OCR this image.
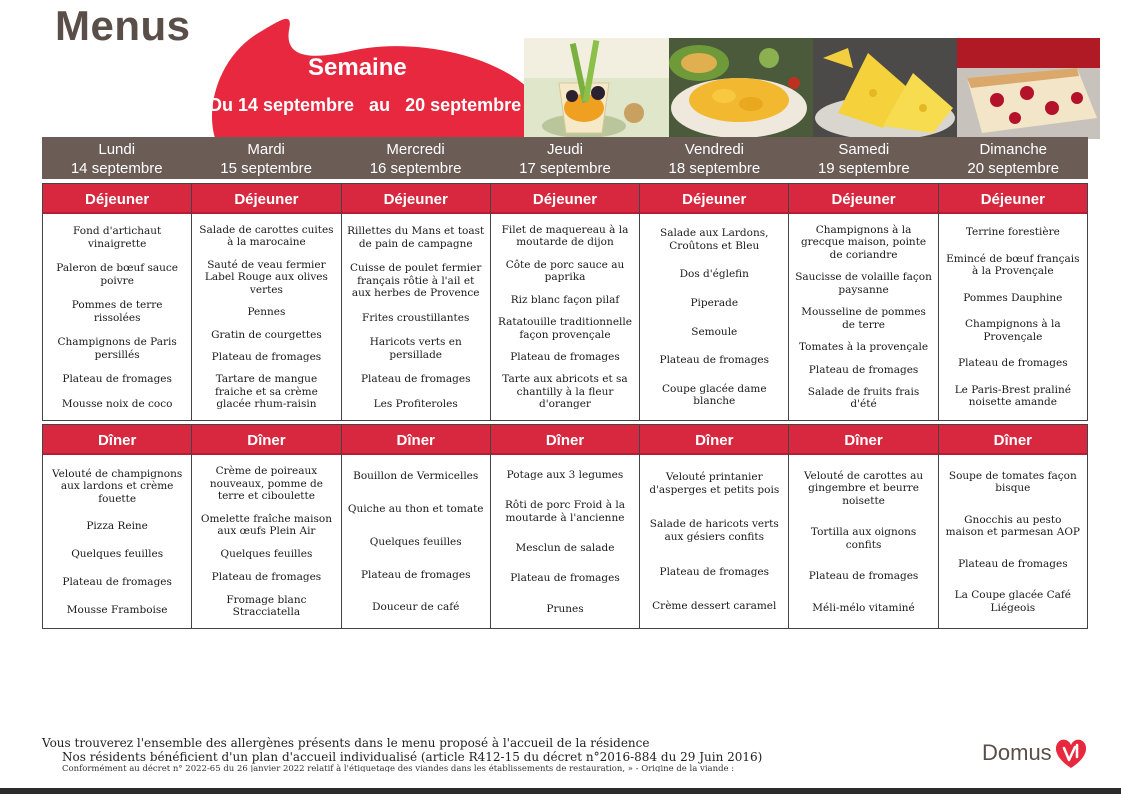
Menus
Semaine
Du 14 septembre   au   20 septembre
Lundi
14 septembre
Mardi
15 septembre
Mercredi
16 septembre
Jeudi
17 septembre
Vendredi
18 septembre
Samedi
19 septembre
Dimanche
20 septembre
Déjeuner
Fond d'artichaut vinaigrette
Paleron de bœuf sauce poivre
Pommes de terre rissolées
Champignons de Paris persillés
Plateau de fromages
Mousse noix de coco
Déjeuner
Salade de carottes cuites à la marocaine
Sauté de veau fermier Label Rouge aux olives vertes
Pennes
Gratin de courgettes
Plateau de fromages
Tartare de mangue fraiche et sa crème glacée rhum-raisin
Déjeuner
Rillettes du Mans et toast de pain de campagne
Cuisse de poulet fermier français rôtie à l'ail et aux herbes de Provence
Frites croustillantes
Haricots verts en persillade
Plateau de fromages
Les Profiteroles
Déjeuner
Filet de maquereau à la moutarde de dijon
Côte de porc sauce au paprika
Riz blanc façon pilaf
Ratatouille traditionnelle façon provençale
Plateau de fromages
Tarte aux abricots et sa chantilly à la fleur d'oranger
Déjeuner
Salade aux Lardons, Croûtons et Bleu
Dos d'églefin
Piperade
Semoule
Plateau de fromages
Coupe glacée dame blanche
Déjeuner
Champignons à la grecque maison, pointe de coriandre
Saucisse de volaille façon paysanne
Mousseline de pommes de terre
Tomates à la provençale
Plateau de fromages
Salade de fruits frais d'été
Déjeuner
Terrine forestière
Emincé de bœuf français à la Provençale
Pommes Dauphine
Champignons à la Provençale
Plateau de fromages
Le Paris-Brest praliné noisette amande
Dîner
Velouté de champignons aux lardons et crème fouette
Pizza Reine
Quelques feuilles
Plateau de fromages
Mousse Framboise
Dîner
Crème de poireaux nouveaux, pomme de terre et ciboulette
Omelette fraîche maison aux œufs Plein Air
Quelques feuilles
Plateau de fromages
Fromage blanc Stracciatella
Dîner
Bouillon de Vermicelles
Quiche au thon et tomate
Quelques feuilles
Plateau de fromages
Douceur de café
Dîner
Potage aux 3 legumes
Rôti de porc Froid à la moutarde à l'ancienne
Mesclun de salade
Plateau de fromages
Prunes
Dîner
Velouté printanier d'asperges et petits pois
Salade de haricots verts aux gésiers confits
Plateau de fromages
Crème dessert caramel
Dîner
Velouté de carottes au gingembre et beurre noisette
Tortilla aux oignons confits
Plateau de fromages
Méli-mélo vitaminé
Dîner
Soupe de tomates façon bisque
Gnocchis au pesto maison et parmesan AOP
Plateau de fromages
La Coupe glacée Café Liégeois
Vous trouverez l'ensemble des allergènes présents dans le menu proposé à l'accueil de la résidence
Nos résidents bénéficient d'un plan d'accueil individualisé (article R412-15 du décret n°2016-884 du 29 Juin 2016)
Conformément au décret n° 2022-65 du 26 janvier 2022 relatif à l'étiquetage des viandes dans les établissements de restauration, » - Origine de la viande :
Domus
